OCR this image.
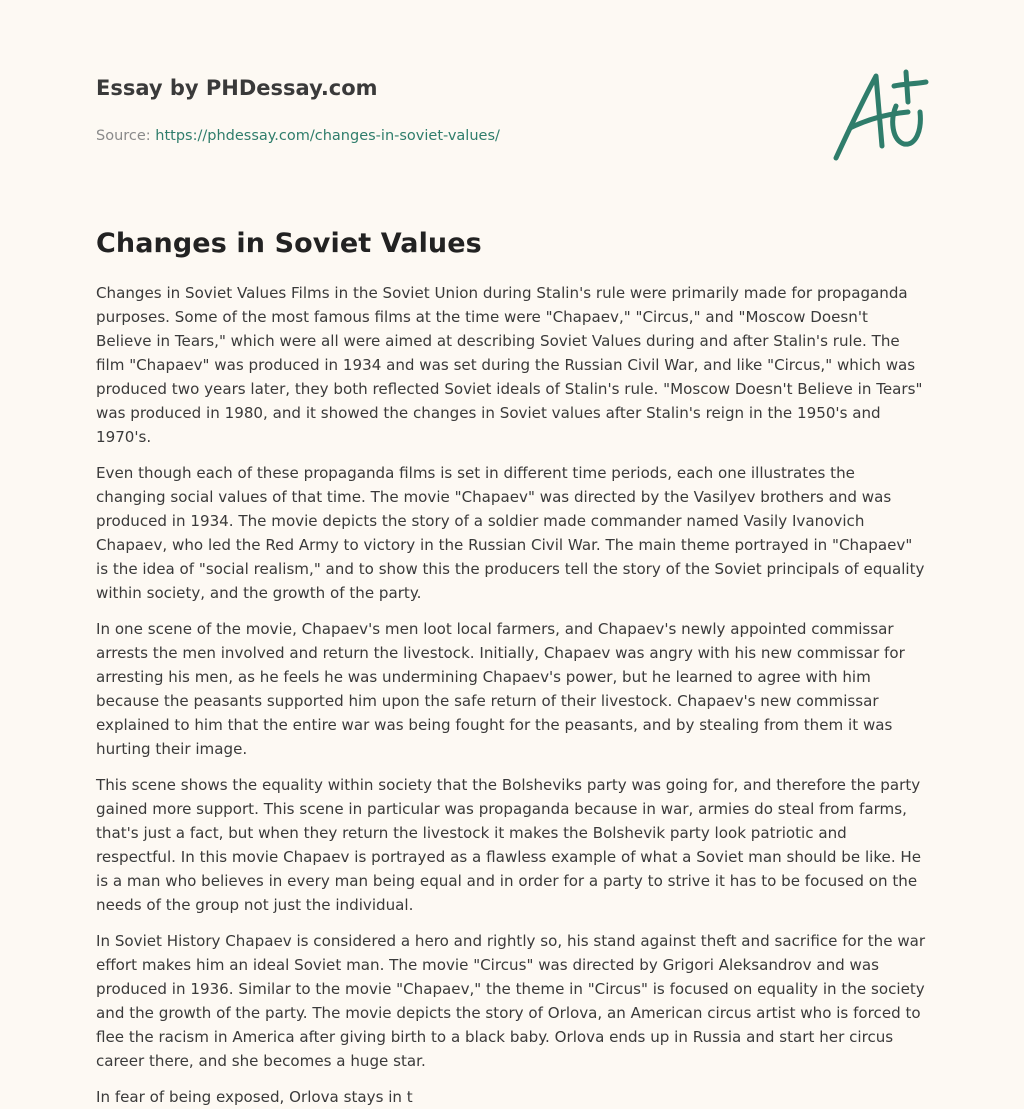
Essay by PHDessay.com

Source: https://phdessay.com/changes-in-soviet-values/

Changes in Soviet Values

Changes in Soviet Values Films in the Soviet Union during Stalin's rule were primarily made for propaganda purposes. Some of the most famous films at the time were "Chapaev," "Circus," and "Moscow Doesn't Believe in Tears," which were all were aimed at describing Soviet Values during and after Stalin's rule. The film "Chapaev" was produced in 1934 and was set during the Russian Civil War, and like "Circus," which was produced two years later, they both reflected Soviet ideals of Stalin's rule. "Moscow Doesn't Believe in Tears" was produced in 1980, and it showed the changes in Soviet values after Stalin's reign in the 1950's and 1970's.

Even though each of these propaganda films is set in different time periods, each one illustrates the changing social values of that time. The movie "Chapaev" was directed by the Vasilyev brothers and was produced in 1934. The movie depicts the story of a soldier made commander named Vasily Ivanovich Chapaev, who led the Red Army to victory in the Russian Civil War. The main theme portrayed in "Chapaev" is the idea of "social realism," and to show this the producers tell the story of the Soviet principals of equality within society, and the growth of the party.

In one scene of the movie, Chapaev's men loot local farmers, and Chapaev's newly appointed commissar arrests the men involved and return the livestock. Initially, Chapaev was angry with his new commissar for arresting his men, as he feels he was undermining Chapaev's power, but he learned to agree with him because the peasants supported him upon the safe return of their livestock. Chapaev's new commissar explained to him that the entire war was being fought for the peasants, and by stealing from them it was hurting their image.

This scene shows the equality within society that the Bolsheviks party was going for, and therefore the party gained more support. This scene in particular was propaganda because in war, armies do steal from farms, that's just a fact, but when they return the livestock it makes the Bolshevik party look patriotic and respectful. In this movie Chapaev is portrayed as a flawless example of what a Soviet man should be like. He is a man who believes in every man being equal and in order for a party to strive it has to be focused on the needs of the group not just the individual.

In Soviet History Chapaev is considered a hero and rightly so, his stand against theft and sacrifice for the war effort makes him an ideal Soviet man. The movie "Circus" was directed by Grigori Aleksandrov and was produced in 1936. Similar to the movie "Chapaev," the theme in "Circus" is focused on equality in the society and the growth of the party. The movie depicts the story of Orlova, an American circus artist who is forced to flee the racism in America after giving birth to a black baby. Orlova ends up in Russia and start her circus career there, and she becomes a huge star.

In fear of being exposed, Orlova stays in t
